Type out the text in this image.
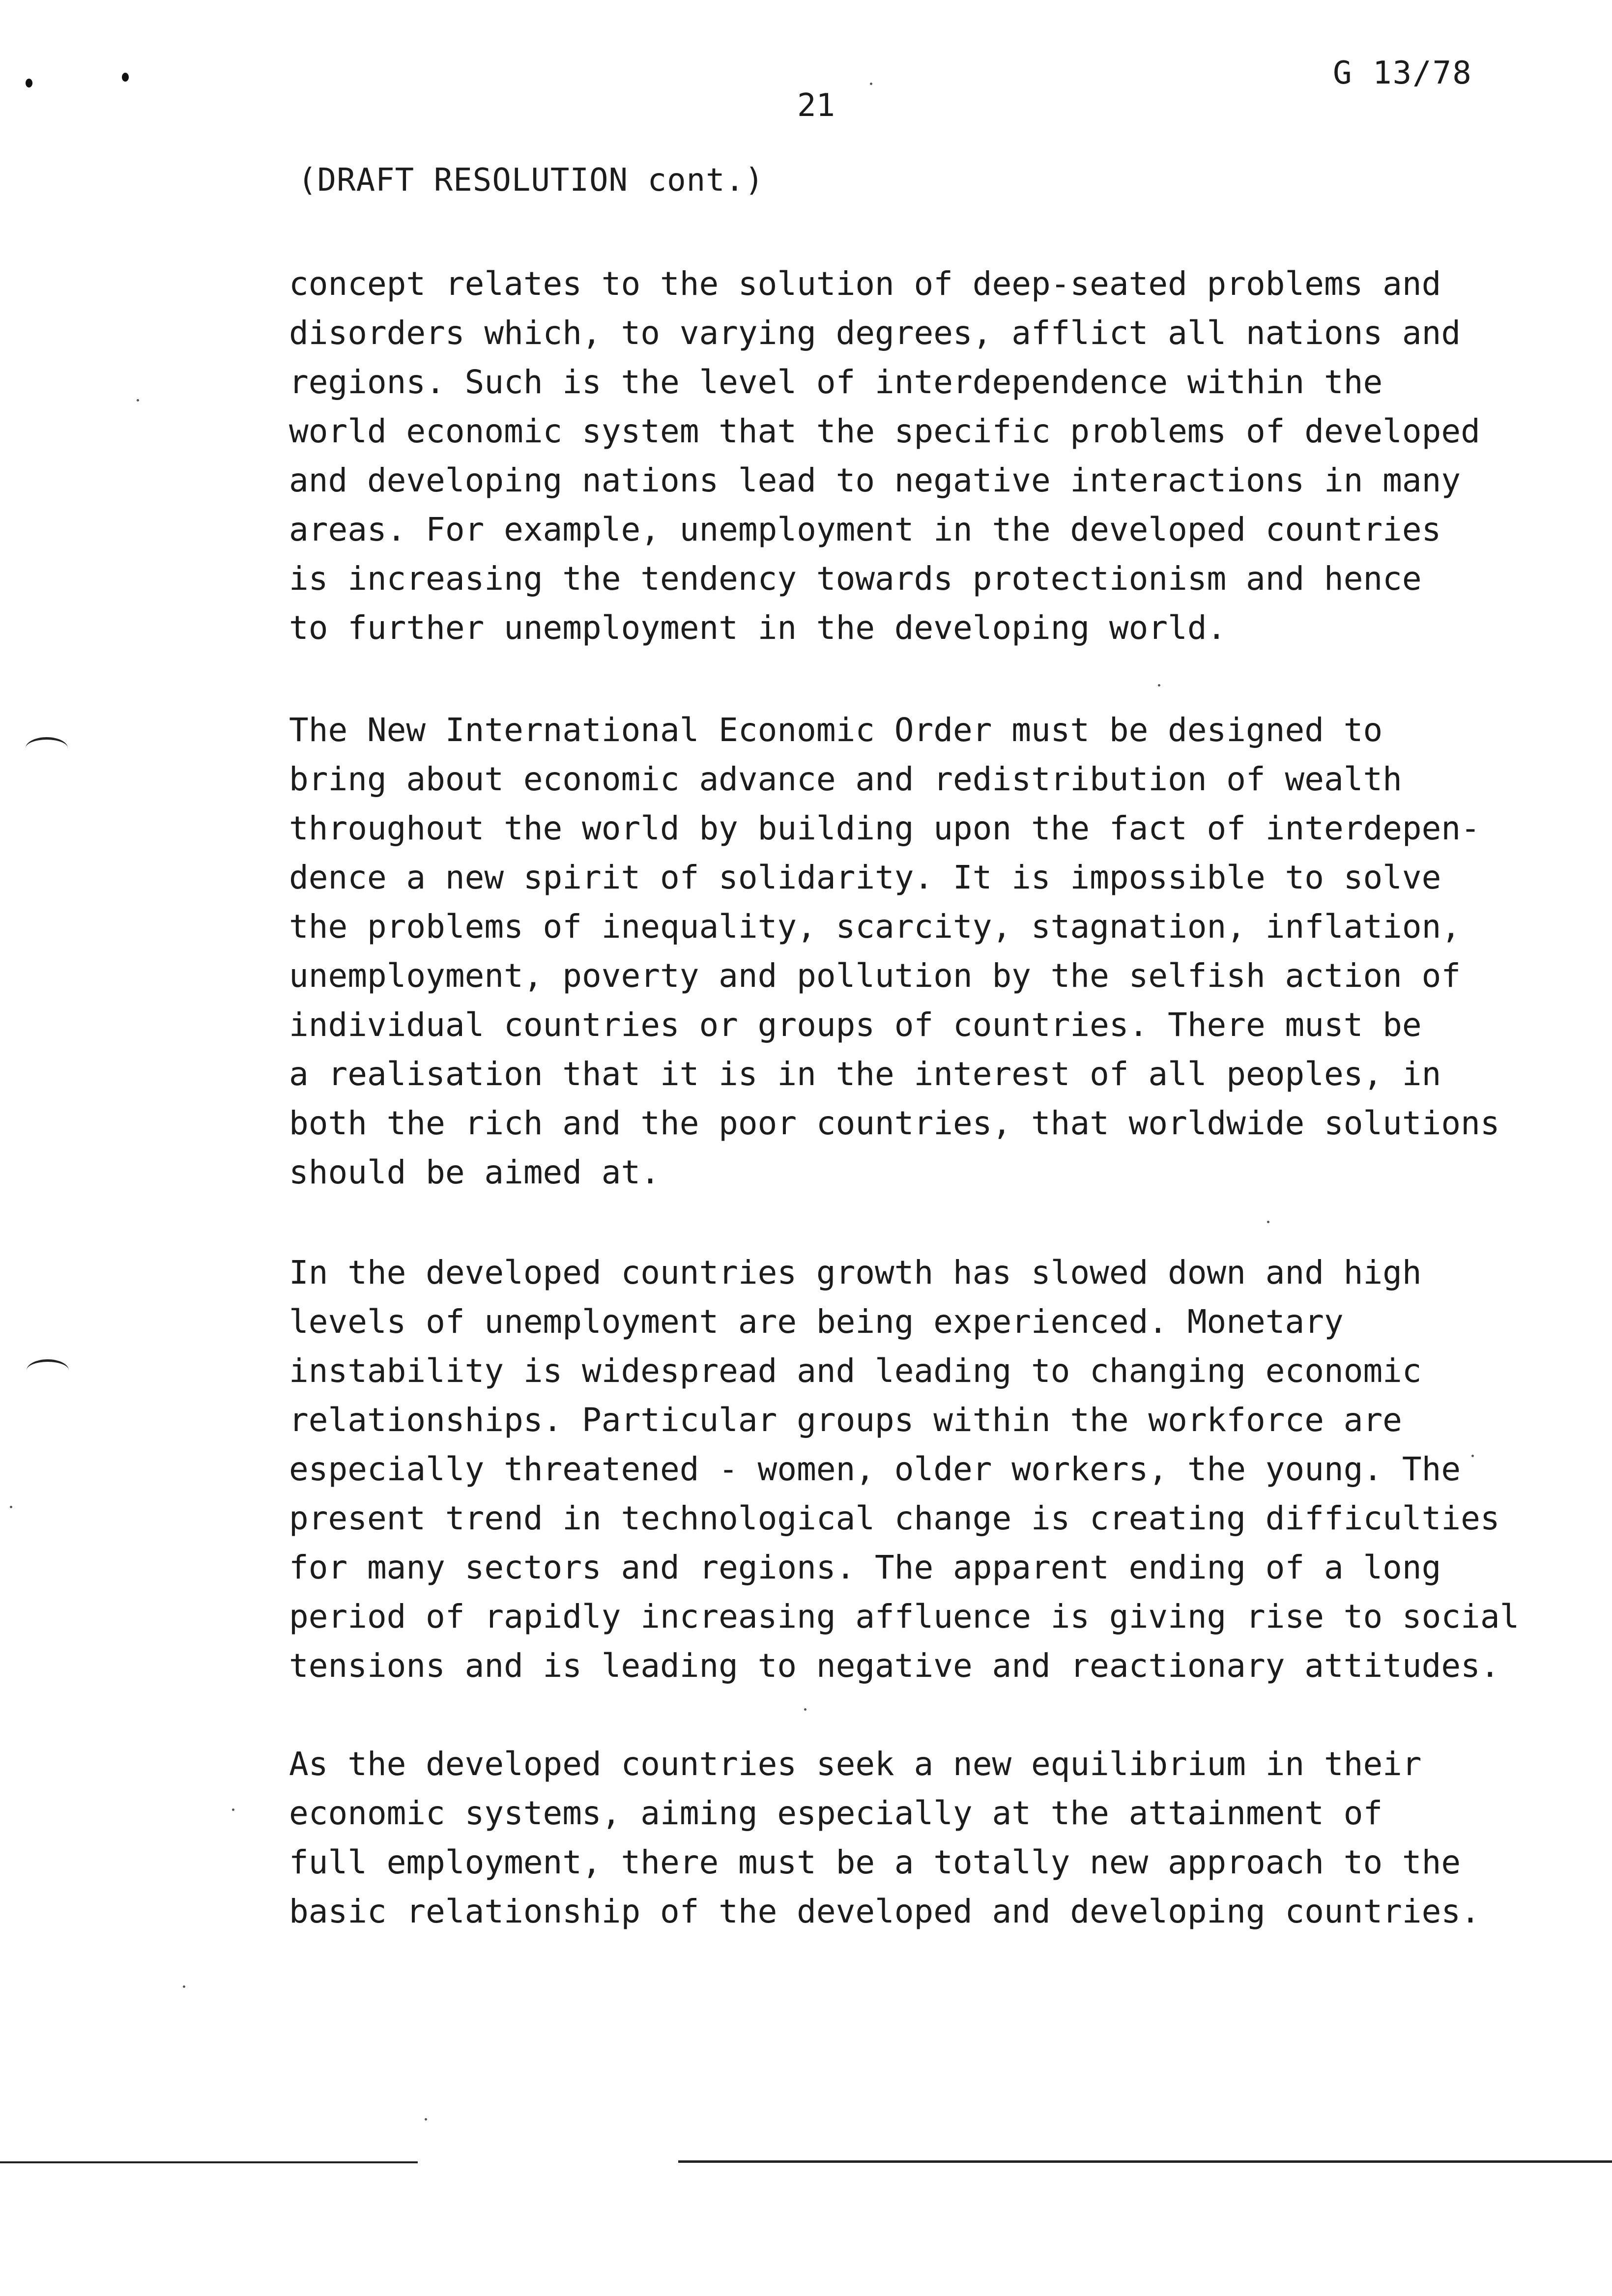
G 13/78
21
(DRAFT RESOLUTION cont.)
concept relates to the solution of deep-seated problems and
disorders which, to varying degrees, afflict all nations and
regions. Such is the level of interdependence within the
world economic system that the specific problems of developed
and developing nations lead to negative interactions in many
areas. For example, unemployment in the developed countries
is increasing the tendency towards protectionism and hence
to further unemployment in the developing world.
The New International Economic Order must be designed to
bring about economic advance and redistribution of wealth
throughout the world by building upon the fact of interdepen-
dence a new spirit of solidarity. It is impossible to solve
the problems of inequality, scarcity, stagnation, inflation,
unemployment, poverty and pollution by the selfish action of
individual countries or groups of countries. There must be
a realisation that it is in the interest of all peoples, in
both the rich and the poor countries, that worldwide solutions
should be aimed at.
In the developed countries growth has slowed down and high
levels of unemployment are being experienced. Monetary
instability is widespread and leading to changing economic
relationships. Particular groups within the workforce are
especially threatened - women, older workers, the young. The
present trend in technological change is creating difficulties
for many sectors and regions. The apparent ending of a long
period of rapidly increasing affluence is giving rise to social
tensions and is leading to negative and reactionary attitudes.
As the developed countries seek a new equilibrium in their
economic systems, aiming especially at the attainment of
full employment, there must be a totally new approach to the
basic relationship of the developed and developing countries.
